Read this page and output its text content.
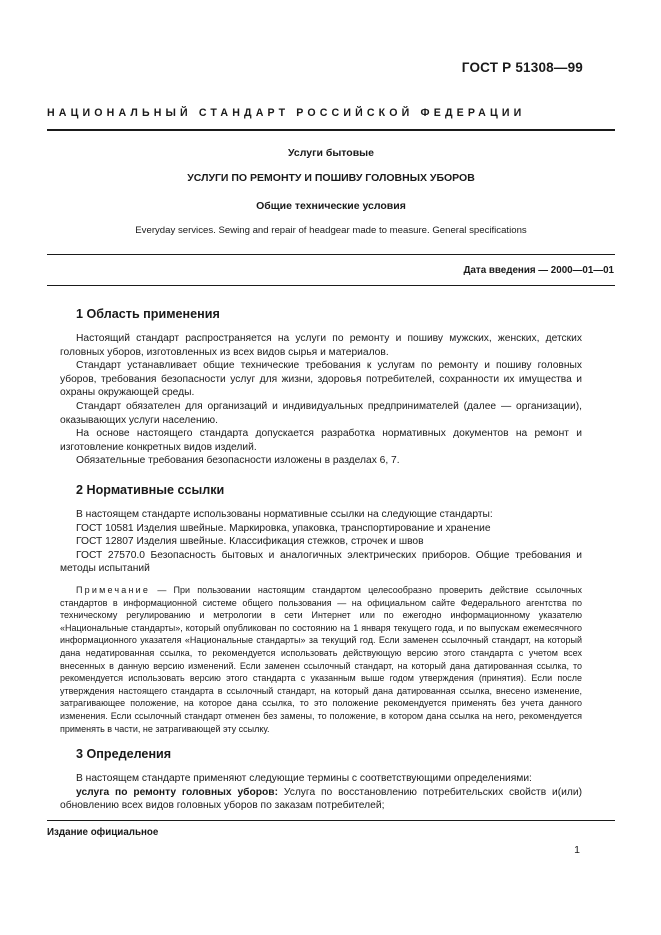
ГОСТ Р 51308—99
НАЦИОНАЛЬНЫЙ СТАНДАРТ РОССИЙСКОЙ ФЕДЕРАЦИИ
Услуги бытовые
УСЛУГИ ПО РЕМОНТУ И ПОШИВУ ГОЛОВНЫХ УБОРОВ
Общие технические условия
Everyday services. Sewing and repair of headgear made to measure. General specifications
Дата введения — 2000—01—01
1 Область применения

Настоящий стандарт распространяется на услуги по ремонту и пошиву мужских, женских, детских головных уборов, изготовленных из всех видов сырья и материалов.

Стандарт устанавливает общие технические требования к услугам по ремонту и пошиву головных уборов, требования безопасности услуг для жизни, здоровья потребителей, сохранности их имущества и охраны окружающей среды.

Стандарт обязателен для организаций и индивидуальных предпринимателей (далее — организации), оказывающих услуги населению.

На основе настоящего стандарта допускается разработка нормативных документов на ремонт и изготовление конкретных видов изделий.

Обязательные требования безопасности изложены в разделах 6, 7.

2 Нормативные ссылки

В настоящем стандарте использованы нормативные ссылки на следующие стандарты:

ГОСТ 10581 Изделия швейные. Маркировка, упаковка, транспортирование и хранение

ГОСТ 12807 Изделия швейные. Классификация стежков, строчек и швов

ГОСТ 27570.0 Безопасность бытовых и аналогичных электрических приборов. Общие требования и методы испытаний

Примечание — При пользовании настоящим стандартом целесообразно проверить действие ссылочных стандартов в информационной системе общего пользования — на официальном сайте Федерального агентства по техническому регулированию и метрологии в сети Интернет или по ежегодно информационному указателю «Национальные стандарты», который опубликован по состоянию на 1 января текущего года, и по выпускам ежемесячного информационного указателя «Национальные стандарты» за текущий год. Если заменен ссылочный стандарт, на который дана недатированная ссылка, то рекомендуется использовать действующую версию этого стандарта с учетом всех внесенных в данную версию изменений. Если заменен ссылочный стандарт, на который дана датированная ссылка, то рекомендуется использовать версию этого стандарта с указанным выше годом утверждения (принятия). Если после утверждения настоящего стандарта в ссылочный стандарт, на который дана датированная ссылка, внесено изменение, затрагивающее положение, на которое дана ссылка, то это положение рекомендуется применять без учета данного изменения. Если ссылочный стандарт отменен без замены, то положение, в котором дана ссылка на него, рекомендуется применять в части, не затрагивающей эту ссылку.

3 Определения

В настоящем стандарте применяют следующие термины с соответствующими определениями:

услуга по ремонту головных уборов: Услуга по восстановлению потребительских свойств и(или) обновлению всех видов головных уборов по заказам потребителей;

Издание официальное
1
